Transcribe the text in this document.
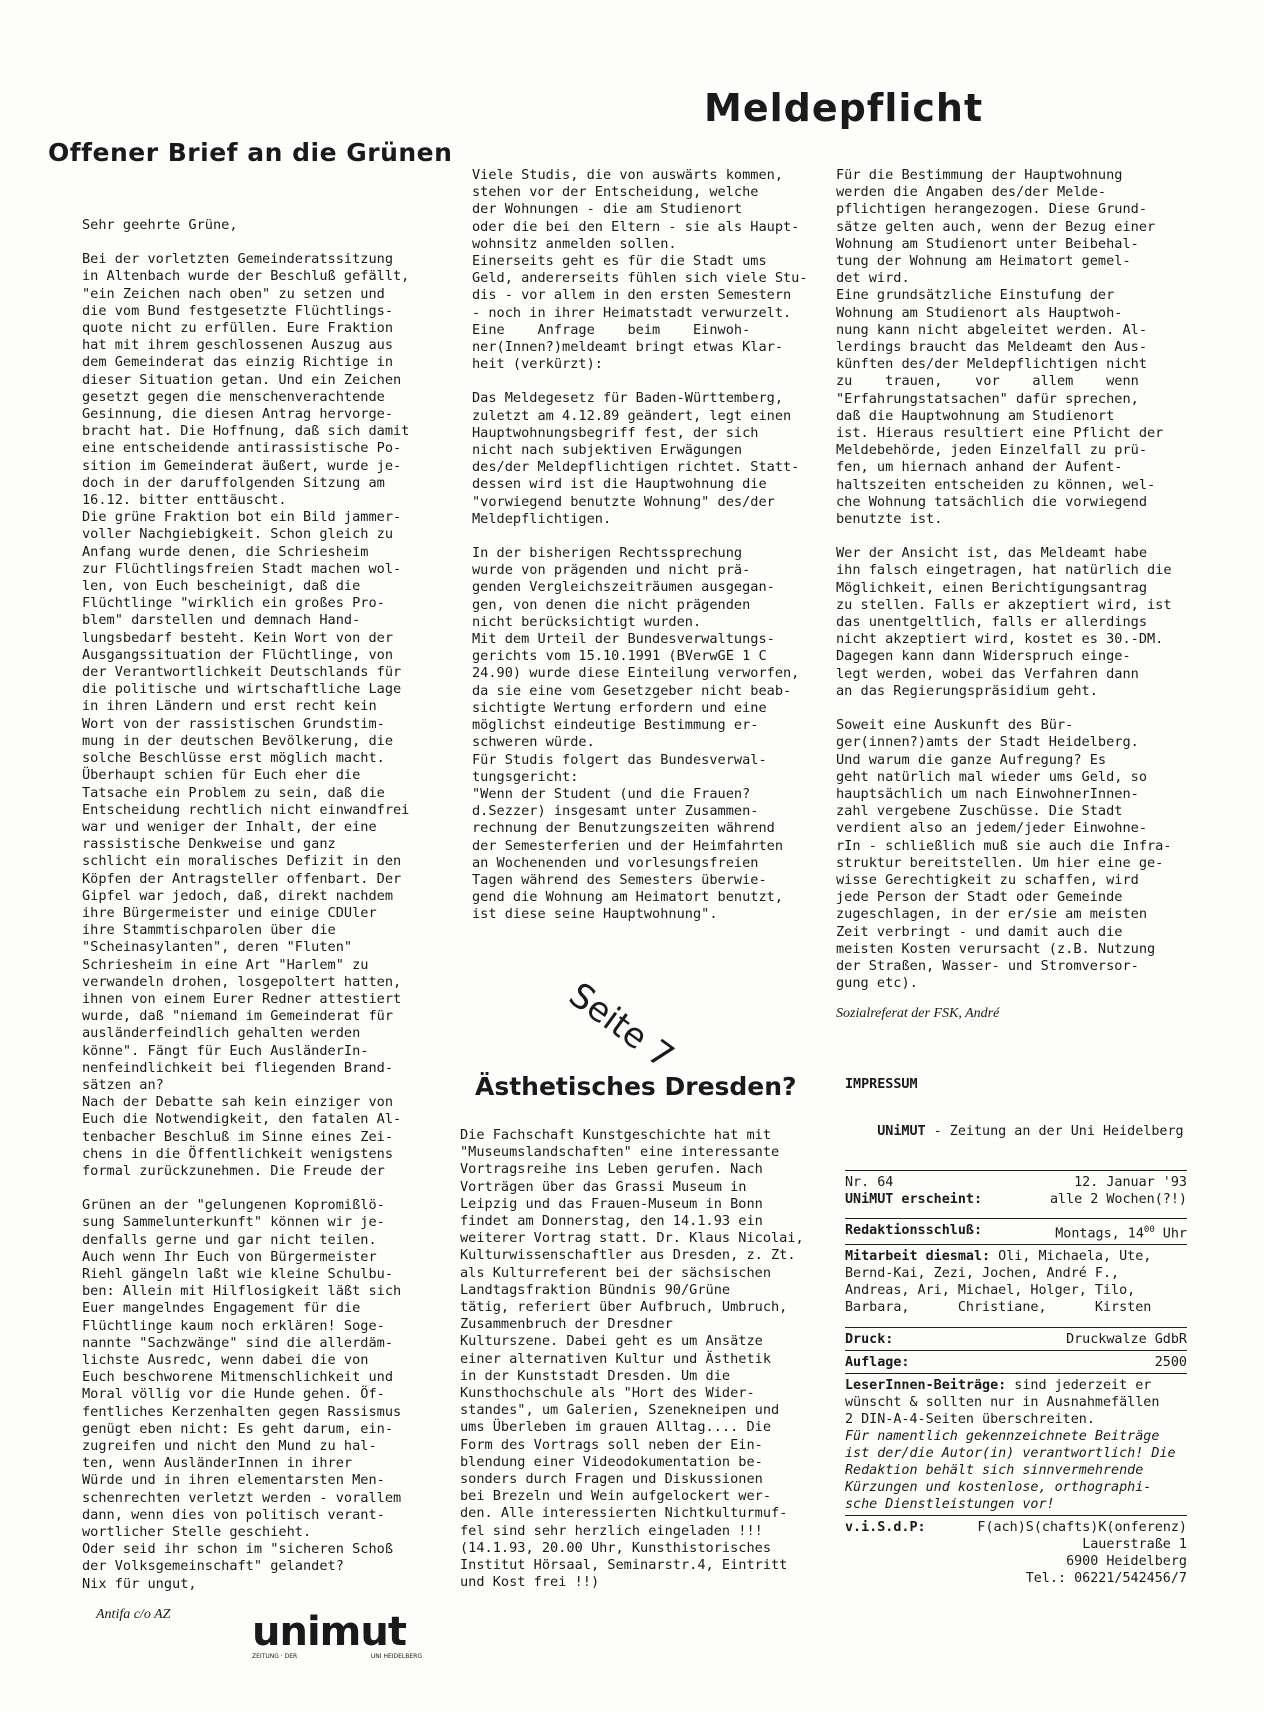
Meldepflicht
Offener Brief an die Grünen

Sehr geehrte Grüne,

Bei der vorletzten Gemeinderatssitzung
in Altenbach wurde der Beschluß gefällt,
"ein Zeichen nach oben" zu setzen und
die vom Bund festgesetzte Flüchtlings-
quote nicht zu erfüllen. Eure Fraktion
hat mit ihrem geschlossenen Auszug aus
dem Gemeinderat das einzig Richtige in
dieser Situation getan. Und ein Zeichen
gesetzt gegen die menschenverachtende
Gesinnung, die diesen Antrag hervorge-
bracht hat. Die Hoffnung, daß sich damit
eine entscheidende antirassistische Po-
sition im Gemeinderat äußert, wurde je-
doch in der daruffolgenden Sitzung am
16.12. bitter enttäuscht.
Die grüne Fraktion bot ein Bild jammer-
voller Nachgiebigkeit. Schon gleich zu
Anfang wurde denen, die Schriesheim
zur Flüchtlingsfreien Stadt machen wol-
len, von Euch bescheinigt, daß die
Flüchtlinge "wirklich ein großes Pro-
blem" darstellen und demnach Hand-
lungsbedarf besteht. Kein Wort von der
Ausgangssituation der Flüchtlinge, von
der Verantwortlichkeit Deutschlands für
die politische und wirtschaftliche Lage
in ihren Ländern und erst recht kein
Wort von der rassistischen Grundstim-
mung in der deutschen Bevölkerung, die
solche Beschlüsse erst möglich macht.
Überhaupt schien für Euch eher die
Tatsache ein Problem zu sein, daß die
Entscheidung rechtlich nicht einwandfrei
war und weniger der Inhalt, der eine
rassistische Denkweise und ganz
schlicht ein moralisches Defizit in den
Köpfen der Antragsteller offenbart. Der
Gipfel war jedoch, daß, direkt nachdem
ihre Bürgermeister und einige CDUler
ihre Stammtischparolen über die
"Scheinasylanten", deren "Fluten"
Schriesheim in eine Art "Harlem" zu
verwandeln drohen, losgepoltert hatten,
ihnen von einem Eurer Redner attestiert
wurde, daß "niemand im Gemeinderat für
ausländerfeindlich gehalten werden
könne". Fängt für Euch AusländerIn-
nenfeindlichkeit bei fliegenden Brand-
sätzen an?
Nach der Debatte sah kein einziger von
Euch die Notwendigkeit, den fatalen Al-
tenbacher Beschluß im Sinne eines Zei-
chens in die Öffentlichkeit wenigstens
formal zurückzunehmen. Die Freude der

Grünen an der "gelungenen Kopromißlö-
sung Sammelunterkunft" können wir je-
denfalls gerne und gar nicht teilen.
Auch wenn Ihr Euch von Bürgermeister
Riehl gängeln laßt wie kleine Schulbu-
ben: Allein mit Hilflosigkeit läßt sich
Euer mangelndes Engagement für die
Flüchtlinge kaum noch erklären! Soge-
nannte "Sachzwänge" sind die allerdäm-
lichste Ausredc, wenn dabei die von
Euch beschworene Mitmenschlichkeit und
Moral völlig vor die Hunde gehen. Öf-
fentliches Kerzenhalten gegen Rassismus
genügt eben nicht: Es geht darum, ein-
zugreifen und nicht den Mund zu hal-
ten, wenn AusländerInnen in ihrer
Würde und in ihren elementarsten Men-
schenrechten verletzt werden - vorallem
dann, wenn dies von politisch verant-
wortlicher Stelle geschieht.
Oder seid ihr schon im "sicheren Schoß
der Volksgemeinschaft" gelandet?
Nix für ungut,

Antifa c/o AZ

Viele Studis, die von auswärts kommen,
stehen vor der Entscheidung, welche
der Wohnungen - die am Studienort
oder die bei den Eltern - sie als Haupt-
wohnsitz anmelden sollen.
Einerseits geht es für die Stadt ums
Geld, andererseits fühlen sich viele Stu-
dis - vor allem in den ersten Semestern
- noch in ihrer Heimatstadt verwurzelt.
Eine    Anfrage    beim    Einwoh-
ner(Innen?)meldeamt bringt etwas Klar-
heit (verkürzt):

Das Meldegesetz für Baden-Württemberg,
zuletzt am 4.12.89 geändert, legt einen
Hauptwohnungsbegriff fest, der sich
nicht nach subjektiven Erwägungen
des/der Meldepflichtigen richtet. Statt-
dessen wird ist die Hauptwohnung die
"vorwiegend benutzte Wohnung" des/der
Meldepflichtigen.

In der bisherigen Rechtssprechung
wurde von prägenden und nicht prä-
genden Vergleichszeiträumen ausgegan-
gen, von denen die nicht prägenden
nicht berücksichtigt wurden.
Mit dem Urteil der Bundesverwaltungs-
gerichts vom 15.10.1991 (BVerwGE 1 C
24.90) wurde diese Einteilung verworfen,
da sie eine vom Gesetzgeber nicht beab-
sichtigte Wertung erfordern und eine
möglichst eindeutige Bestimmung er-
schweren würde.
Für Studis folgert das Bundesverwal-
tungsgericht:
"Wenn der Student (und die Frauen?
d.Sezzer) insgesamt unter Zusammen-
rechnung der Benutzungszeiten während
der Semesterferien und der Heimfahrten
an Wochenenden und vorlesungsfreien
Tagen während des Semesters überwie-
gend die Wohnung am Heimatort benutzt,
ist diese seine Hauptwohnung".

Für die Bestimmung der Hauptwohnung
werden die Angaben des/der Melde-
pflichtigen herangezogen. Diese Grund-
sätze gelten auch, wenn der Bezug einer
Wohnung am Studienort unter Beibehal-
tung der Wohnung am Heimatort gemel-
det wird.
Eine grundsätzliche Einstufung der
Wohnung am Studienort als Hauptwoh-
nung kann nicht abgeleitet werden. Al-
lerdings braucht das Meldeamt den Aus-
künften des/der Meldepflichtigen nicht
zu    trauen,    vor    allem    wenn
"Erfahrungstatsachen" dafür sprechen,
daß die Hauptwohnung am Studienort
ist. Hieraus resultiert eine Pflicht der
Meldebehörde, jeden Einzelfall zu prü-
fen, um hiernach anhand der Aufent-
haltszeiten entscheiden zu können, wel-
che Wohnung tatsächlich die vorwiegend
benutzte ist.

Wer der Ansicht ist, das Meldeamt habe
ihn falsch eingetragen, hat natürlich die
Möglichkeit, einen Berichtigungsantrag
zu stellen. Falls er akzeptiert wird, ist
das unentgeltlich, falls er allerdings
nicht akzeptiert wird, kostet es 30.-DM.
Dagegen kann dann Widerspruch einge-
legt werden, wobei das Verfahren dann
an das Regierungspräsidium geht.

Soweit eine Auskunft des Bür-
ger(innen?)amts der Stadt Heidelberg.
Und warum die ganze Aufregung? Es
geht natürlich mal wieder ums Geld, so
hauptsächlich um nach EinwohnerInnen-
zahl vergebene Zuschüsse. Die Stadt
verdient also an jedem/jeder Einwohne-
rIn - schließlich muß sie auch die Infra-
struktur bereitstellen. Um hier eine ge-
wisse Gerechtigkeit zu schaffen, wird
jede Person der Stadt oder Gemeinde
zugeschlagen, in der er/sie am meisten
Zeit verbringt - und damit auch die
meisten Kosten verursacht (z.B. Nutzung
der Straßen, Wasser- und Stromversor-
gung etc).

Sozialreferat der FSK, André
Seite 7
Ästhetisches Dresden?

Die Fachschaft Kunstgeschichte hat mit
"Museumslandschaften" eine interessante
Vortragsreihe ins Leben gerufen. Nach
Vorträgen über das Grassi Museum in
Leipzig und das Frauen-Museum in Bonn
findet am Donnerstag, den 14.1.93 ein
weiterer Vortrag statt. Dr. Klaus Nicolai,
Kulturwissenschaftler aus Dresden, z. Zt.
als Kulturreferent bei der sächsischen
Landtagsfraktion Bündnis 90/Grüne
tätig, referiert über Aufbruch, Umbruch,
Zusammenbruch der Dresdner
Kulturszene. Dabei geht es um Ansätze
einer alternativen Kultur und Ästhetik
in der Kunststadt Dresden. Um die
Kunsthochschule als "Hort des Wider-
standes", um Galerien, Szenekneipen und
ums Überleben im grauen Alltag.... Die
Form des Vortrags soll neben der Ein-
blendung einer Videodokumentation be-
sonders durch Fragen und Diskussionen
bei Brezeln und Wein aufgelockert wer-
den. Alle interessierten Nichtkulturmuf-
fel sind sehr herzlich eingeladen !!!
(14.1.93, 20.00 Uhr, Kunsthistorisches
Institut Hörsaal, Seminarstr.4, Eintritt
und Kost frei !!)

IMPRESSUM

UNiMUT - Zeitung an der Uni Heidelberg

Nr. 64	12. Januar '93
UNiMUT erscheint:	alle 2 Wochen(?!)
Redaktionsschluß:	Montags, $14^{00}$ Uhr
Mitarbeit diesmal: Oli, Michaela, Ute,
Bernd-Kai, Zezi, Jochen, André F.,
Andreas, Ari, Michael, Holger, Tilo,
Barbara,      Christiane,      Kirsten
Druck:	Druckwalze GdbR
Auflage:	2500
LeserInnen-Beiträge: sind jederzeit er
wünscht & sollten nur in Ausnahmefällen
2 DIN-A-4-Seiten überschreiten.
Für namentlich gekennzeichnete Beiträge
ist der/die Autor(in) verantwortlich! Die
Redaktion behält sich sinnvermehrende
Kürzungen und kostenlose, orthographi-
sche Dienstleistungen vor!
v.i.S.d.P:	F(ach)S(chafts)K(onferenz)
Lauerstraße 1
6900 Heidelberg
Tel.: 06221/542456/7
unimut
ZEITUNG · DER	UNI HEIDELBERG
